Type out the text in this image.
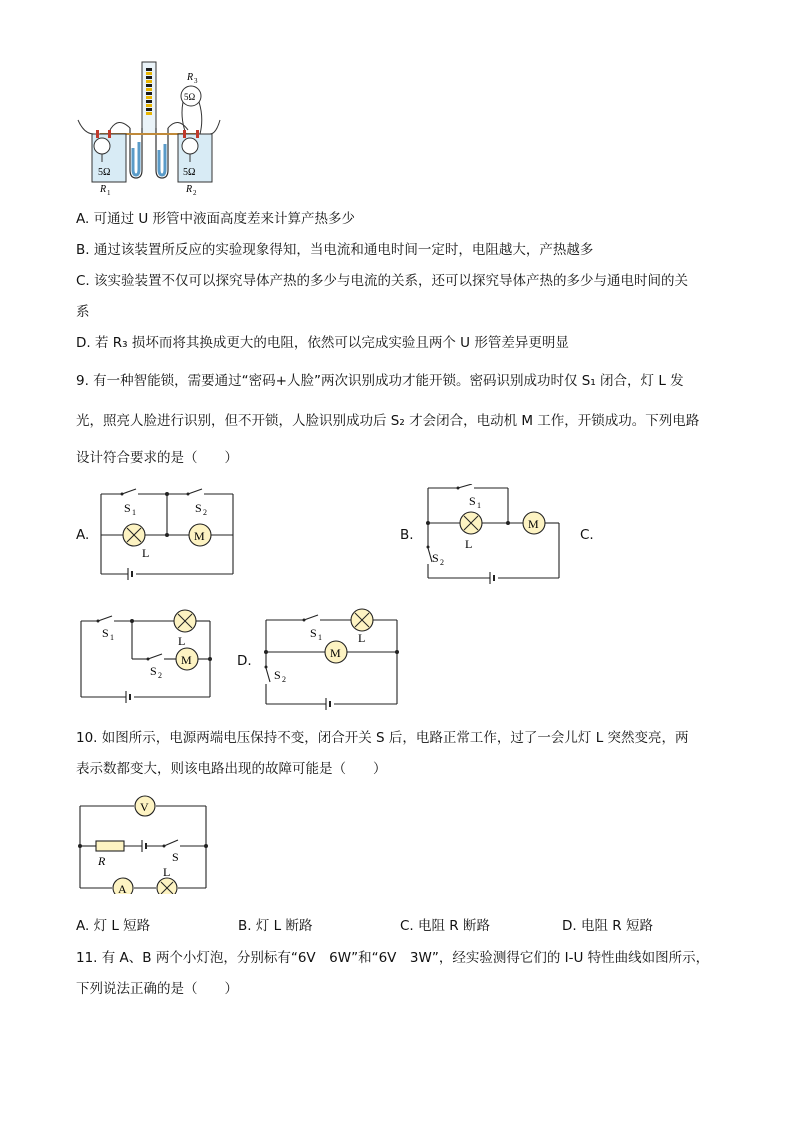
R 3
5Ω
5Ω	5Ω
R 1	R 2
A. 可通过 U 形管中液面高度差来计算产热多少
B. 通过该装置所反应的实验现象得知，当电流和通电时间一定时，电阻越大，产热越多
C. 该实验装置不仅可以探究导体产热的多少与电流的关系，还可以探究导体产热的多少与通电时间的关
系
D. 若 R₃ 损坏而将其换成更大的电阻，依然可以完成实验且两个 U 形管差异更明显
9. 有一种智能锁，需要通过“密码+人脸”两次识别成功才能开锁。密码识别成功时仅 S₁ 闭合，灯 L 发
光，照亮人脸进行识别，但不开锁，人脸识别成功后 S₂ 才会闭合，电动机 M 工作，开锁成功。下列电路
设计符合要求的是（　　）
A.	B.	C.
D.
M
S 1	S 2
L
M
S 1
L
S 2
M
L
S 1
S 2
M
S 1	L
S 2
10. 如图所示，电源两端电压保持不变，闭合开关 S 后，电路正常工作，过了一会儿灯 L 突然变亮，两
表示数都变大，则该电路出现的故障可能是（　　）
V
R	S
A
L
A. 灯 L 短路	B. 灯 L 断路	C. 电阻 R 断路	D. 电阻 R 短路
11. 有 A、B 两个小灯泡，分别标有“6V　6W”和“6V　3W”，经实验测得它们的 I-U 特性曲线如图所示，
下列说法正确的是（　　）
